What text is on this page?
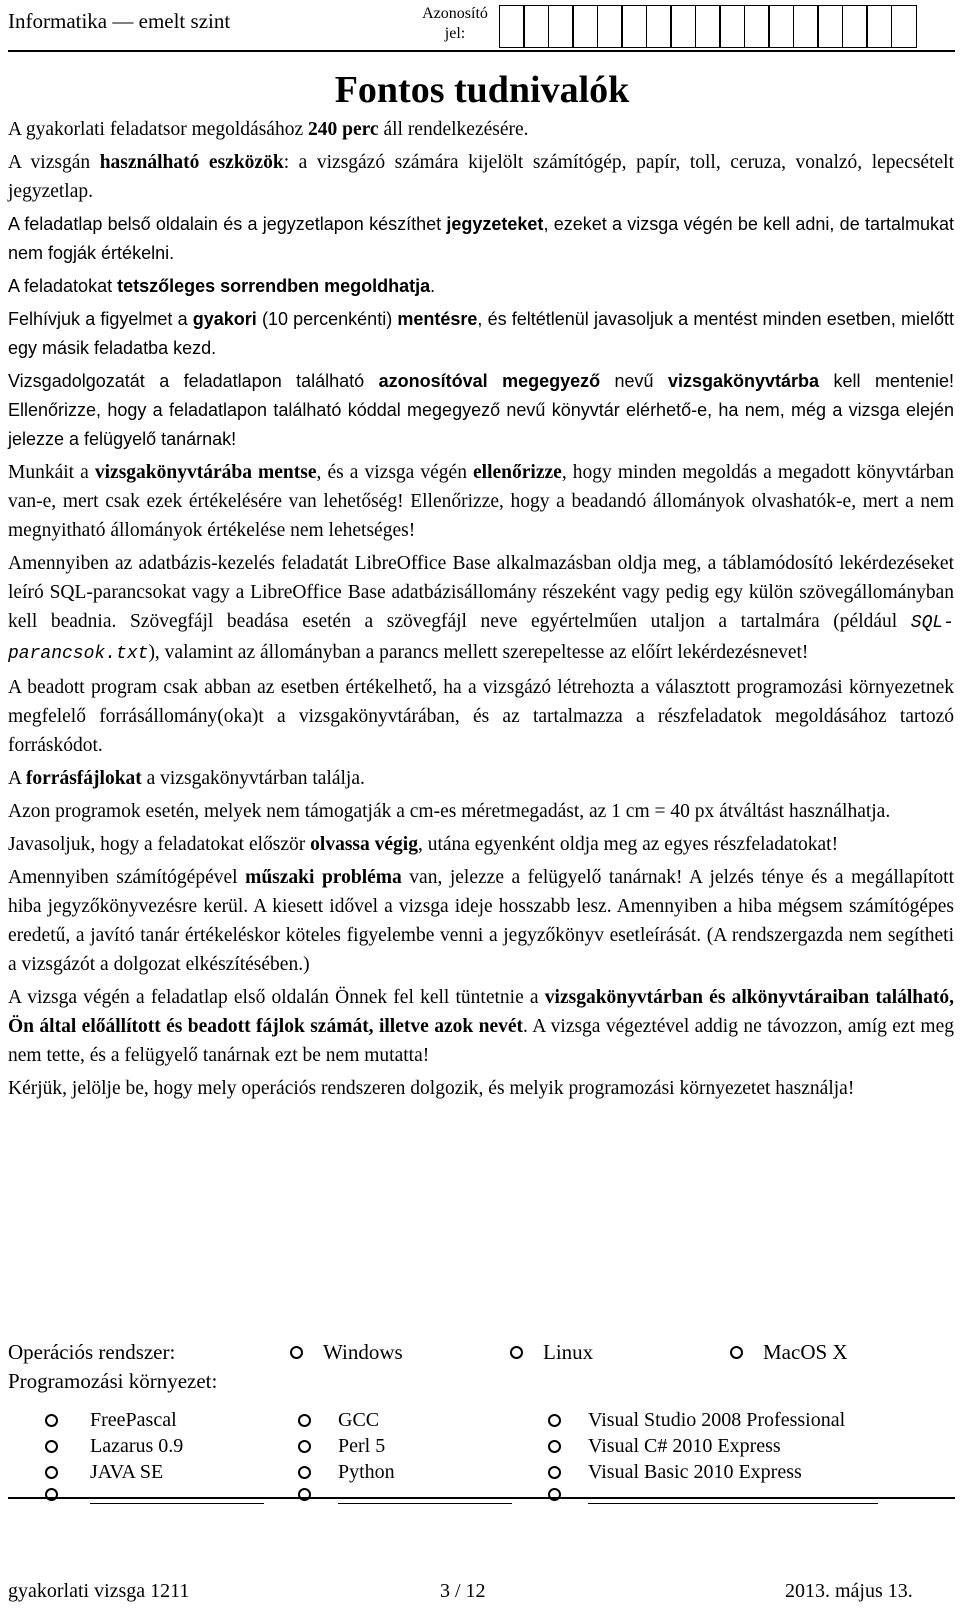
Informatika — emelt szint	Azonosító
jel:
Fontos tudnivalók

A gyakorlati feladatsor megoldásához 240 perc áll rendelkezésére.

A vizsgán használható eszközök: a vizsgázó számára kijelölt számítógép, papír, toll, ceruza, vonalzó, lepecsételt jegyzetlap.

A feladatlap belső oldalain és a jegyzetlapon készíthet jegyzeteket, ezeket a vizsga végén be kell adni, de tartalmukat nem fogják értékelni.

A feladatokat tetszőleges sorrendben megoldhatja.

Felhívjuk a figyelmet a gyakori (10 percenkénti) mentésre, és feltétlenül javasoljuk a mentést minden esetben, mielőtt egy másik feladatba kezd.

Vizsgadolgozatát a feladatlapon található azonosítóval megegyező nevű vizsgakönyvtárba kell mentenie! Ellenőrizze, hogy a feladatlapon található kóddal megegyező nevű könyvtár elérhető-e, ha nem, még a vizsga elején jelezze a felügyelő tanárnak!

Munkáit a vizsgakönyvtárába mentse, és a vizsga végén ellenőrizze, hogy minden megoldás a megadott könyvtárban van-e, mert csak ezek értékelésére van lehetőség! Ellenőrizze, hogy a beadandó állományok olvashatók-e, mert a nem megnyitható állományok értékelése nem lehetséges!

Amennyiben az adatbázis-kezelés feladatát LibreOffice Base alkalmazásban oldja meg, a táblamódosító lekérdezéseket leíró SQL-parancsokat vagy a LibreOffice Base adatbázisállomány részeként vagy pedig egy külön szövegállományban kell beadnia. Szövegfájl beadása esetén a szövegfájl neve egyértelműen utaljon a tartalmára (például SQL-parancsok.txt), valamint az állományban a parancs mellett szerepeltesse az előírt lekérdezésnevet!

A beadott program csak abban az esetben értékelhető, ha a vizsgázó létrehozta a választott programozási környezetnek megfelelő forrásállomány(oka)t a vizsgakönyvtárában, és az tartalmazza a részfeladatok megoldásához tartozó forráskódot.

A forrásfájlokat a vizsgakönyvtárban találja.

Azon programok esetén, melyek nem támogatják a cm-es méretmegadást, az 1 cm = 40 px átváltást használhatja.

Javasoljuk, hogy a feladatokat először olvassa végig, utána egyenként oldja meg az egyes részfeladatokat!

Amennyiben számítógépével műszaki probléma van, jelezze a felügyelő tanárnak! A jelzés ténye és a megállapított hiba jegyzőkönyvezésre kerül. A kiesett idővel a vizsga ideje hosszabb lesz. Amennyiben a hiba mégsem számítógépes eredetű, a javító tanár értékeléskor köteles figyelembe venni a jegyzőkönyv esetleírását. (A rendszergazda nem segítheti a vizsgázót a dolgozat elkészítésében.)

A vizsga végén a feladatlap első oldalán Önnek fel kell tüntetnie a vizsgakönyvtárban és alkönyvtáraiban található, Ön által előállított és beadott fájlok számát, illetve azok nevét. A vizsga végeztével addig ne távozzon, amíg ezt meg nem tette, és a felügyelő tanárnak ezt be nem mutatta!

Kérjük, jelölje be, hogy mely operációs rendszeren dolgozik, és melyik programozási környezetet használja!

Operációs rendszer:	Windows	Linux	MacOS X
Programozási környezet:
FreePascal
Lazarus 0.9
JAVA SE
GCC
Perl 5
Python
Visual Studio 2008 Professional
Visual C# 2010 Express
Visual Basic 2010 Express
gyakorlati vizsga 1211	3 / 12	2013. május 13.
